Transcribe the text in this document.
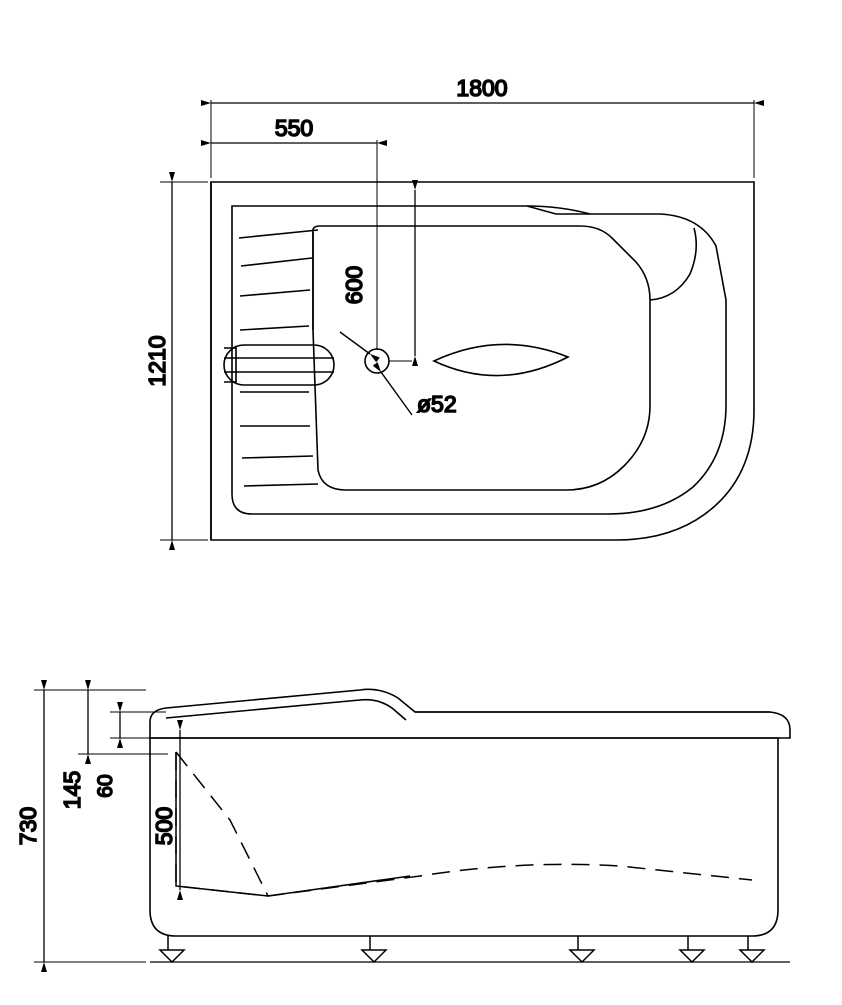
1800
550
1210
600
ø52
730
145 60
500
